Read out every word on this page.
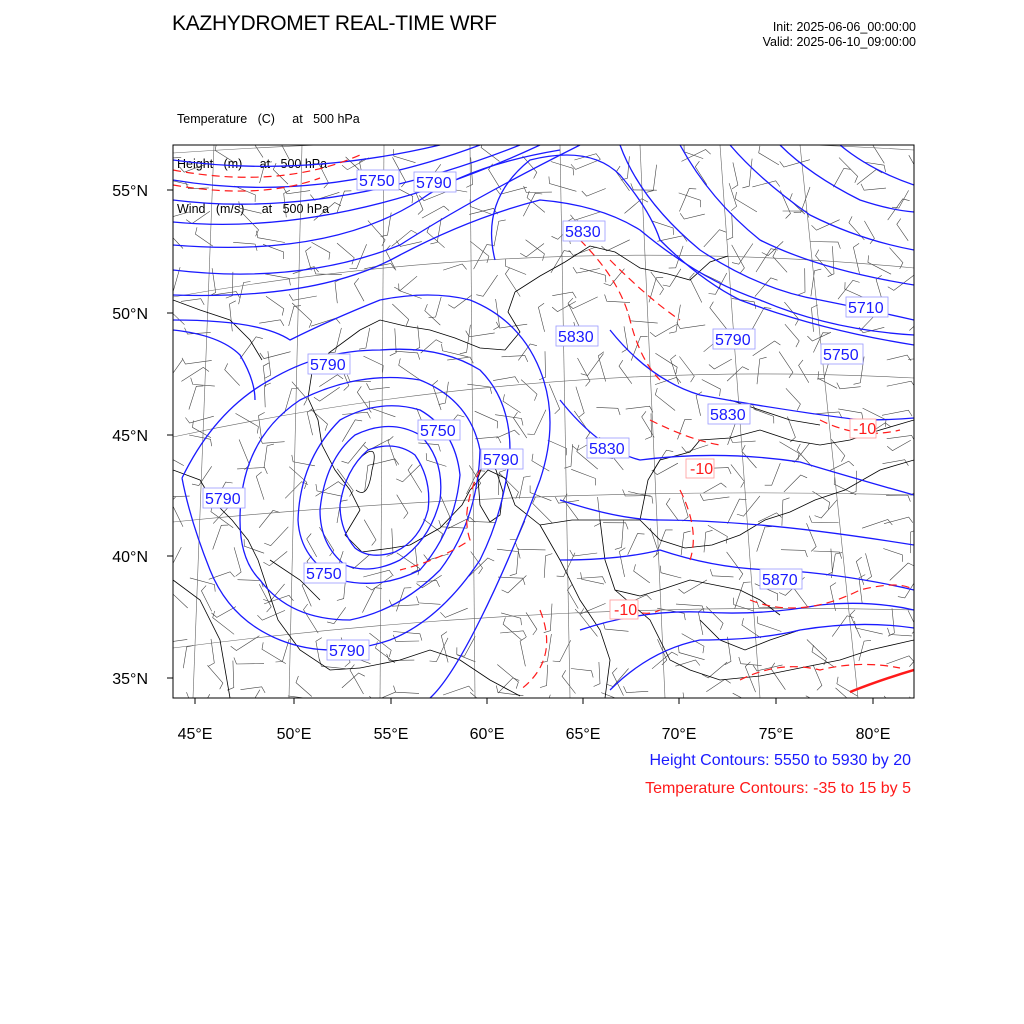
KAZHYDROMET REAL-TIME WRF	Init: 2025-06-06_00:00:00
Valid: 2025-06-10_09:00:00

Temperature   (C)     at   500 hPa

Height   (m)     at   500 hPa

Wind   (m/s)     at   500 hPa

55°N
50°N
45°N
40°N
35°N
45°E	50°E	55°E	60°E	65°E	70°E	75°E	80°E
5750 5790
5830
5830	5790
5710
5750
5830
5790
5750
5790
5830
5790
5750	5870
5790
-10
-10
-10
Height Contours: 5550 to 5930 by 20
Temperature Contours: -35 to 15 by 5
